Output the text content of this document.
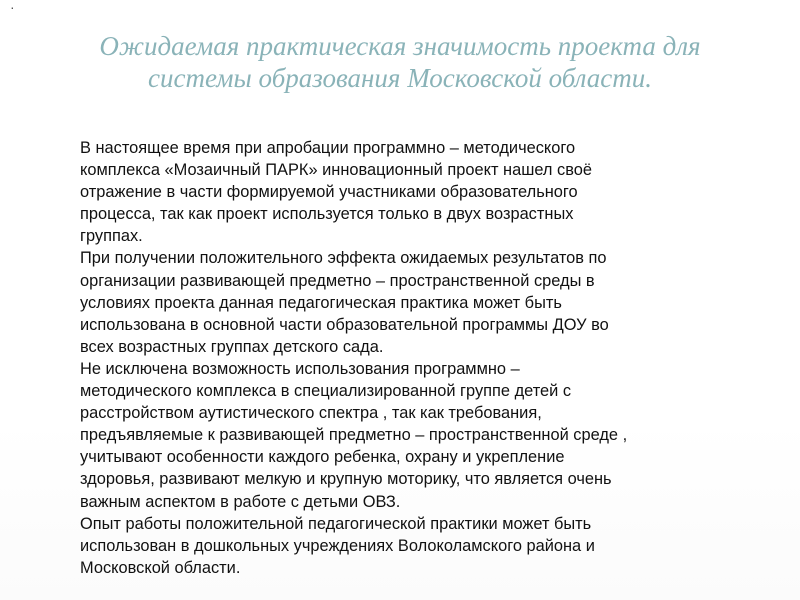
·
Ожидаемая практическая значимость проекта для
системы образования Московской области.
В настоящее время при апробации программно – методического
комплекса «Мозаичный ПАРК» инновационный проект нашел своё
отражение в части формируемой участниками образовательного
процесса, так как проект используется только в двух возрастных
группах.
При получении положительного эффекта ожидаемых результатов по
организации развивающей предметно – пространственной среды в
условиях проекта данная педагогическая практика может быть
использована в основной части образовательной программы ДОУ во
всех возрастных группах детского сада.
Не исключена возможность использования программно –
методического комплекса в специализированной группе детей с
расстройством аутистического спектра , так как требования,
предъявляемые к развивающей предметно – пространственной среде ,
учитывают особенности каждого ребенка, охрану и укрепление
здоровья, развивают мелкую и крупную моторику, что является очень
важным аспектом в работе с детьми ОВЗ.
Опыт работы положительной педагогической практики может быть
использован в дошкольных учреждениях Волоколамского района и
Московской области.
